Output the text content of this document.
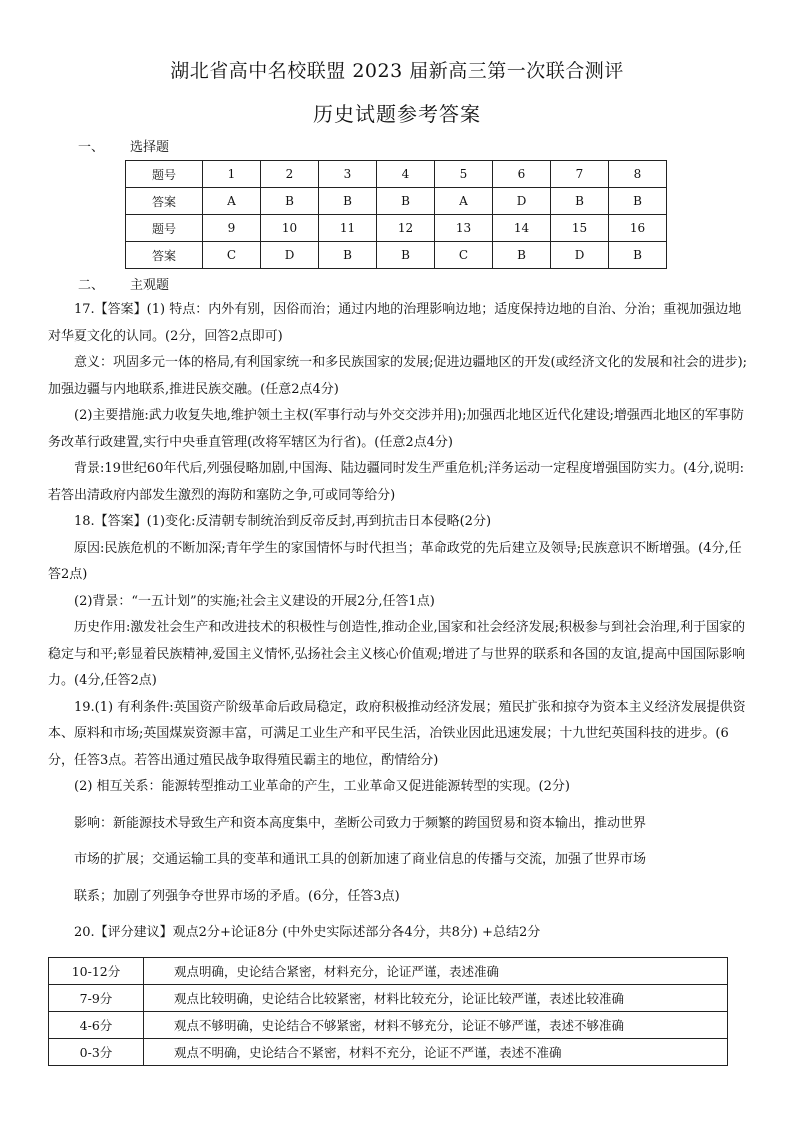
湖北省高中名校联盟 2023 届新高三第一次联合测评
历史试题参考答案
一、 选择题
题号	1	2	3	4	5	6	7	8
答案	A	B	B	B	A	D	B	B
题号	9	10	11	12	13	14	15	16
答案	C	D	B	B	C	B	D	B
二、 主观题

17.【答案】(1) 特点：内外有别，因俗而治；通过内地的治理影响边地；适度保持边地的自治、分治；重视加强边地对华夏文化的认同。(2分，回答2点即可)

意义：巩固多元一体的格局,有利国家统一和多民族国家的发展;促进边疆地区的开发(或经济文化的发展和社会的进步);加强边疆与内地联系,推进民族交融。(任意2点4分)

(2)主要措施:武力收复失地,维护领土主权(军事行动与外交交涉并用);加强西北地区近代化建设;增强西北地区的军事防务改革行政建置,实行中央垂直管理(改将军辖区为行省)。(任意2点4分)

背景:19世纪60年代后,列强侵略加剧,中国海、陆边疆同时发生严重危机;洋务运动一定程度增强国防实力。(4分,说明:若答出清政府内部发生激烈的海防和塞防之争,可或同等给分)

18.【答案】(1)变化:反清朝专制统治到反帝反封,再到抗击日本侵略(2分)

原因:民族危机的不断加深;青年学生的家国情怀与时代担当；革命政党的先后建立及领导;民族意识不断增强。(4分,任答2点)

(2)背景：“一五计划”的实施;社会主义建设的开展2分,任答1点)

历史作用:激发社会生产和改进技术的积极性与创造性,推动企业,国家和社会经济发展;积极参与到社会治理,利于国家的稳定与和平;彰显着民族精神,爱国主义情怀,弘扬社会主义核心价值观;增进了与世界的联系和各国的友谊,提高中国国际影响力。(4分,任答2点)

19.(1) 有利条件:英国资产阶级革命后政局稳定，政府积极推动经济发展；殖民扩张和掠夺为资本主义经济发展提供资本、原料和市场;英国煤炭资源丰富，可满足工业生产和平民生活，冶铁业因此迅速发展；十九世纪英国科技的进步。(6分，任答3点。若答出通过殖民战争取得殖民霸主的地位，酌情给分)

(2) 相互关系：能源转型推动工业革命的产生，工业革命又促进能源转型的实现。(2分)

影响：新能源技术导致生产和资本高度集中，垄断公司致力于频繁的跨国贸易和资本输出，推动世界

市场的扩展；交通运输工具的变革和通讯工具的创新加速了商业信息的传播与交流，加强了世界市场

联系；加剧了列强争夺世界市场的矛盾。(6分，任答3点)

20.【评分建议】观点2分+论证8分 (中外史实际述部分各4分，共8分) +总结2分

10-12分	观点明确，史论结合紧密，材料充分，论证严谨，表述准确
7-9分	观点比较明确，史论结合比较紧密，材料比较充分，论证比较严谨，表述比较准确
4-6分	观点不够明确，史论结合不够紧密，材料不够充分，论证不够严谨，表述不够准确
0-3分	观点不明确，史论结合不紧密，材料不充分，论证不严谨，表述不准确
